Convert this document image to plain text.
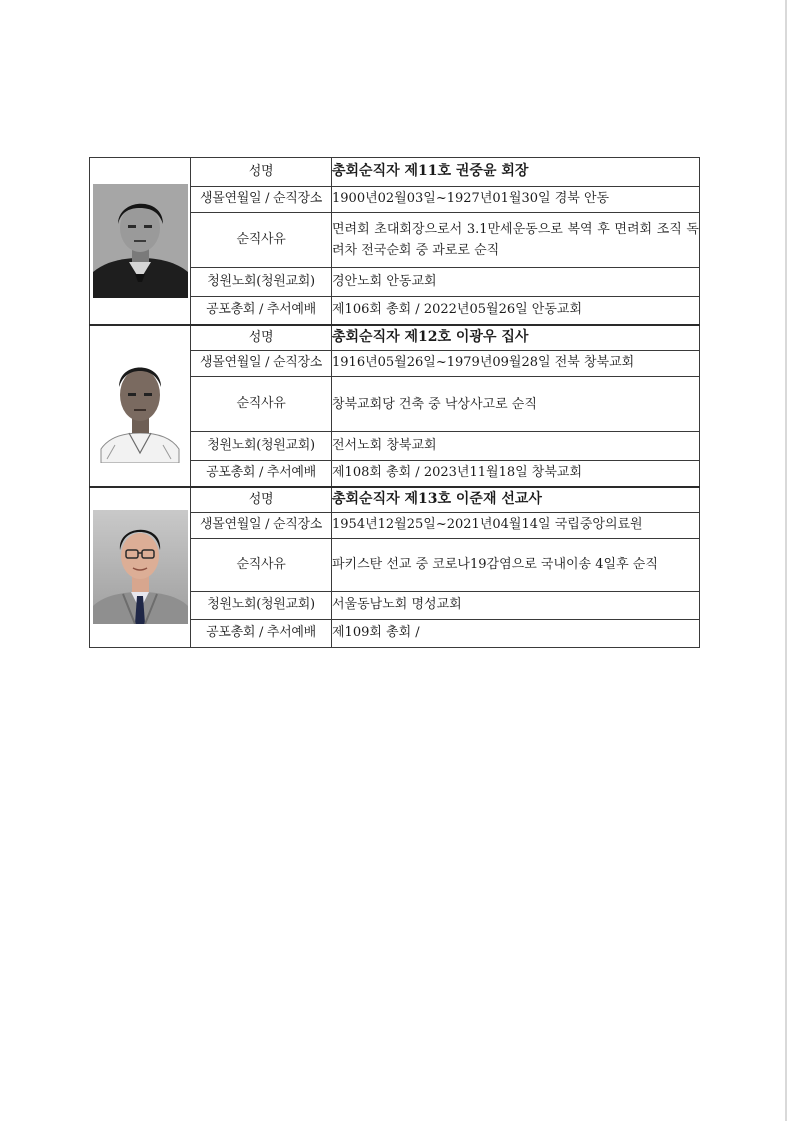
	성명	총회순직자 제11호 권중윤 회장
	생몰연월일 / 순직장소	1900년02월03일~1927년01월30일 경북 안동
	순직사유	면려회 초대회장으로서 3.1만세운동으로 복역 후 면려회 조직 독려차 전국순회 중 과로로 순직
	청원노회(청원교회)	경안노회 안동교회
	공포총회 / 추서예배	제106회 총회 / 2022년05월26일 안동교회

	성명	총회순직자 제12호 이광우 집사
	생몰연월일 / 순직장소	1916년05월26일~1979년09월28일 전북 창북교회
	순직사유	창북교회당 건축 중 낙상사고로 순직
	청원노회(청원교회)	전서노회 창북교회
	공포총회 / 추서예배	제108회 총회 / 2023년11월18일 창북교회

	성명	총회순직자 제13호 이준재 선교사
	생몰연월일 / 순직장소	1954년12월25일~2021년04월14일 국립중앙의료원
	순직사유	파키스탄 선교 중 코로나19감염으로 국내이송 4일후 순직
	청원노회(청원교회)	서울동남노회 명성교회
	공포총회 / 추서예배	제109회 총회 /
